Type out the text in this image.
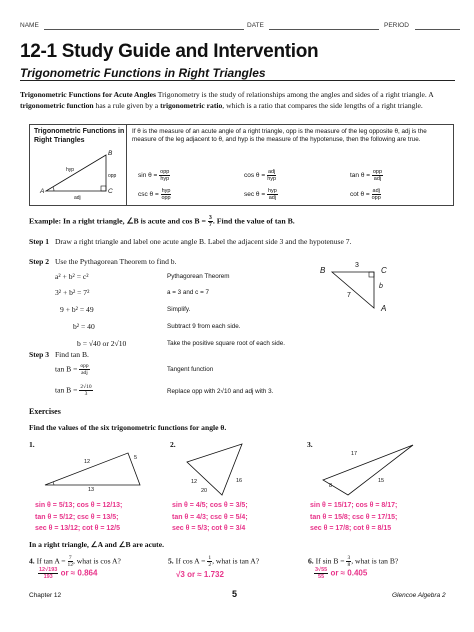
NAME	DATE	PERIOD
12-1 Study Guide and Intervention
Trigonometric Functions in Right Triangles
Trigonometric Functions for Acute Angles Trigonometry is the study of relationships among the angles and sides of a right triangle. A trigonometric function has a rule given by a trigonometric ratio, which is a ratio that compares the side lengths of a right triangle.
Trigonometric Functions in Right Triangles
A
B
C
hyp
opp
adj
If θ is the measure of an acute angle of a right triangle, opp is the measure of the leg opposite θ, adj is the measure of the leg adjacent to θ, and hyp is the measure of the hypotenuse, then the following are true.
$\sin \theta = \frac{\text{opp}}{\text{hyp}}$	$\cos \theta = \frac{\text{adj}}{\text{hyp}}$	$\tan \theta = \frac{\text{opp}}{\text{adj}}$
$\csc \theta = \frac{\text{hyp}}{\text{opp}}$	$\sec \theta = \frac{\text{hyp}}{\text{adj}}$	$\cot \theta = \frac{\text{adj}}{\text{opp}}$
Example: In a right triangle, ∠B is acute and $\cos B = \frac{3}{7}$ . Find the value of tan B.
Step 1 Draw a right triangle and label one acute angle B. Label the adjacent side 3 and the hypotenuse 7.
Step 2 Use the Pythagorean Theorem to find b.
a² + b² = c²	Pythagorean Theorem
3² + b² = 7²	a = 3 and c = 7
9 + b² = 49	Simplify.
b² = 40	Subtract 9 from each side.
b = √40 or 2√10	Take the positive square root of each side.
B	C
A
3
7
b
Step 3 Find tan B.
$\tan B = \frac{\text{opp}}{\text{adj}}$	Tangent function
$\tan B = \frac{2√10}{3}$	Replace opp with 2√10 and adj with 3.
Exercises
Find the values of the six trigonometric functions for angle θ.
1.
5
12
13
2.
16
12
20
3.
17
15
8
sin θ = 5/13; cos θ = 12/13;
tan θ = 5/12; csc θ = 13/5;
sec θ = 13/12; cot θ = 12/5
sin θ = 4/5; cos θ = 3/5;
tan θ = 4/3; csc θ = 5/4;
sec θ = 5/3; cot θ = 3/4
sin θ = 15/17; cos θ = 8/17;
tan θ = 15/8; csc θ = 17/15;
sec θ = 17/8; cot θ = 8/15
In a right triangle, ∠A and ∠B are acute.
4. If $\tan A = \frac{7}{12}$ , what is cos A?
$\frac{12√193}{193}$ or ≈ 0.864
5. If $\cos A = \frac{1}{2}$ , what is tan A?
√3 or ≈ 1.732
6. If $\sin B = \frac{3}{8}$ , what is tan B?
$\frac{3√55}{55}$ or ≈ 0.405
Chapter 12	5	Glencoe Algebra 2
